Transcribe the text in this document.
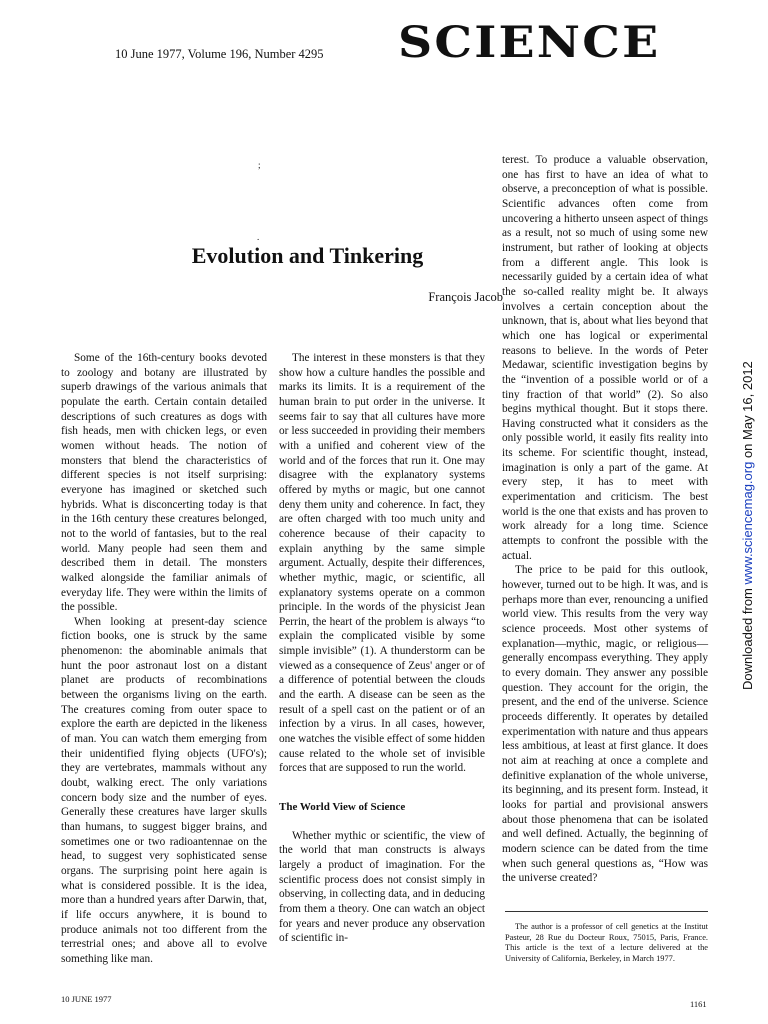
10 June 1977, Volume 196, Number 4295 SCIENCE
;
.
Evolution and Tinkering
François Jacob

Some of the 16th-century books devoted to zoology and botany are illustrated by superb drawings of the various animals that populate the earth. Certain contain detailed descriptions of such creatures as dogs with fish heads, men with chicken legs, or even women without heads. The notion of monsters that blend the characteristics of different species is not itself surprising: everyone has imagined or sketched such hybrids. What is disconcerting today is that in the 16th century these creatures belonged, not to the world of fantasies, but to the real world. Many people had seen them and described them in detail. The monsters walked alongside the familiar animals of everyday life. They were within the limits of the possible.

When looking at present-day science fiction books, one is struck by the same phenomenon: the abominable animals that hunt the poor astronaut lost on a distant planet are products of recombinations between the organisms living on the earth. The creatures coming from outer space to explore the earth are depicted in the likeness of man. You can watch them emerging from their unidentified flying objects (UFO's); they are vertebrates, mammals without any doubt, walking erect. The only variations concern body size and the number of eyes. Generally these creatures have larger skulls than humans, to suggest bigger brains, and sometimes one or two radioantennae on the head, to suggest very sophisticated sense organs. The surprising point here again is what is considered possible. It is the idea, more than a hundred years after Darwin, that, if life occurs anywhere, it is bound to produce animals not too different from the terrestrial ones; and above all to evolve something like man.

The interest in these monsters is that they show how a culture handles the possible and marks its limits. It is a requirement of the human brain to put order in the universe. It seems fair to say that all cultures have more or less succeeded in providing their members with a unified and coherent view of the world and of the forces that run it. One may disagree with the explanatory systems offered by myths or magic, but one cannot deny them unity and coherence. In fact, they are often charged with too much unity and coherence because of their capacity to explain anything by the same simple argument. Actually, despite their differences, whether mythic, magic, or scientific, all explanatory systems operate on a common principle. In the words of the physicist Jean Perrin, the heart of the problem is always “to explain the complicated visible by some simple invisible” (1). A thunderstorm can be viewed as a consequence of Zeus' anger or of a difference of potential between the clouds and the earth. A disease can be seen as the result of a spell cast on the patient or of an infection by a virus. In all cases, however, one watches the visible effect of some hidden cause related to the whole set of invisible forces that are supposed to run the world.

The World View of Science

Whether mythic or scientific, the view of the world that man constructs is always largely a product of imagination. For the scientific process does not consist simply in observing, in collecting data, and in deducing from them a theory. One can watch an object for years and never produce any observation of scientific in-

terest. To produce a valuable observation, one has first to have an idea of what to observe, a preconception of what is possible. Scientific advances often come from uncovering a hitherto unseen aspect of things as a result, not so much of using some new instrument, but rather of looking at objects from a different angle. This look is necessarily guided by a certain idea of what the so-called reality might be. It always involves a certain conception about the unknown, that is, about what lies beyond that which one has logical or experimental reasons to believe. In the words of Peter Medawar, scientific investigation begins by the “invention of a possible world or of a tiny fraction of that world” (2). So also begins mythical thought. But it stops there. Having constructed what it considers as the only possible world, it easily fits reality into its scheme. For scientific thought, instead, imagination is only a part of the game. At every step, it has to meet with experimentation and criticism. The best world is the one that exists and has proven to work already for a long time. Science attempts to confront the possible with the actual.

The price to be paid for this outlook, however, turned out to be high. It was, and is perhaps more than ever, renouncing a unified world view. This results from the very way science proceeds. Most other systems of explanation—mythic, magic, or religious—generally encompass everything. They apply to every domain. They answer any possible question. They account for the origin, the present, and the end of the universe. Science proceeds differently. It operates by detailed experimentation with nature and thus appears less ambitious, at least at first glance. It does not aim at reaching at once a complete and definitive explanation of the whole universe, its beginning, and its present form. Instead, it looks for partial and provisional answers about those phenomena that can be isolated and well defined. Actually, the beginning of modern science can be dated from the time when such general questions as, “How was the universe created?

The author is a professor of cell genetics at the Institut Pasteur, 28 Rue du Docteur Roux, 75015, Paris, France. This article is the text of a lecture delivered at the University of California, Berkeley, in March 1977.
10 JUNE 1977	1161
Downloaded from www.sciencemag.org on May 16, 2012
